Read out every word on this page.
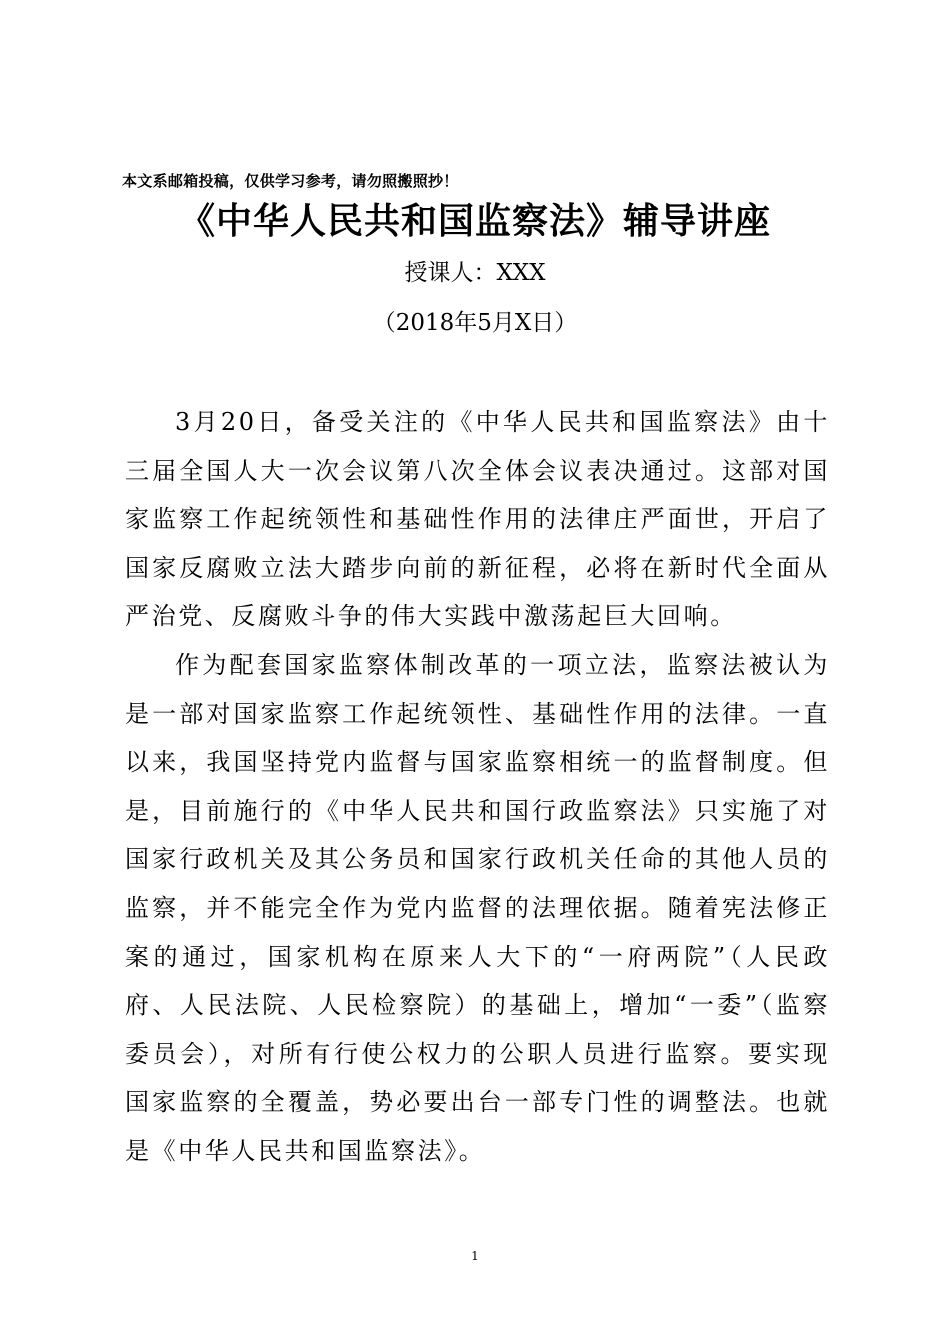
本文系邮箱投稿，仅供学习参考，请勿照搬照抄！
《中华人民共和国监察法》辅导讲座
授课人：XXX
（2018年5月X日）

3月20日，备受关注的《中华人民共和国监察法》由十三届全国人大一次会议第八次全体会议表决通过。这部对国家监察工作起统领性和基础性作用的法律庄严面世，开启了国家反腐败立法大踏步向前的新征程，必将在新时代全面从严治党、反腐败斗争的伟大实践中激荡起巨大回响。

作为配套国家监察体制改革的一项立法，监察法被认为是一部对国家监察工作起统领性、基础性作用的法律。一直以来，我国坚持党内监督与国家监察相统一的监督制度。但是，目前施行的《中华人民共和国行政监察法》只实施了对国家行政机关及其公务员和国家行政机关任命的其他人员的监察，并不能完全作为党内监督的法理依据。随着宪法修正案的通过，国家机构在原来人大下的“一府两院”（人民政府、人民法院、人民检察院）的基础上，增加“一委”（监察委员会），对所有行使公权力的公职人员进行监察。要实现国家监察的全覆盖，势必要出台一部专门性的调整法。也就是《中华人民共和国监察法》。

1
